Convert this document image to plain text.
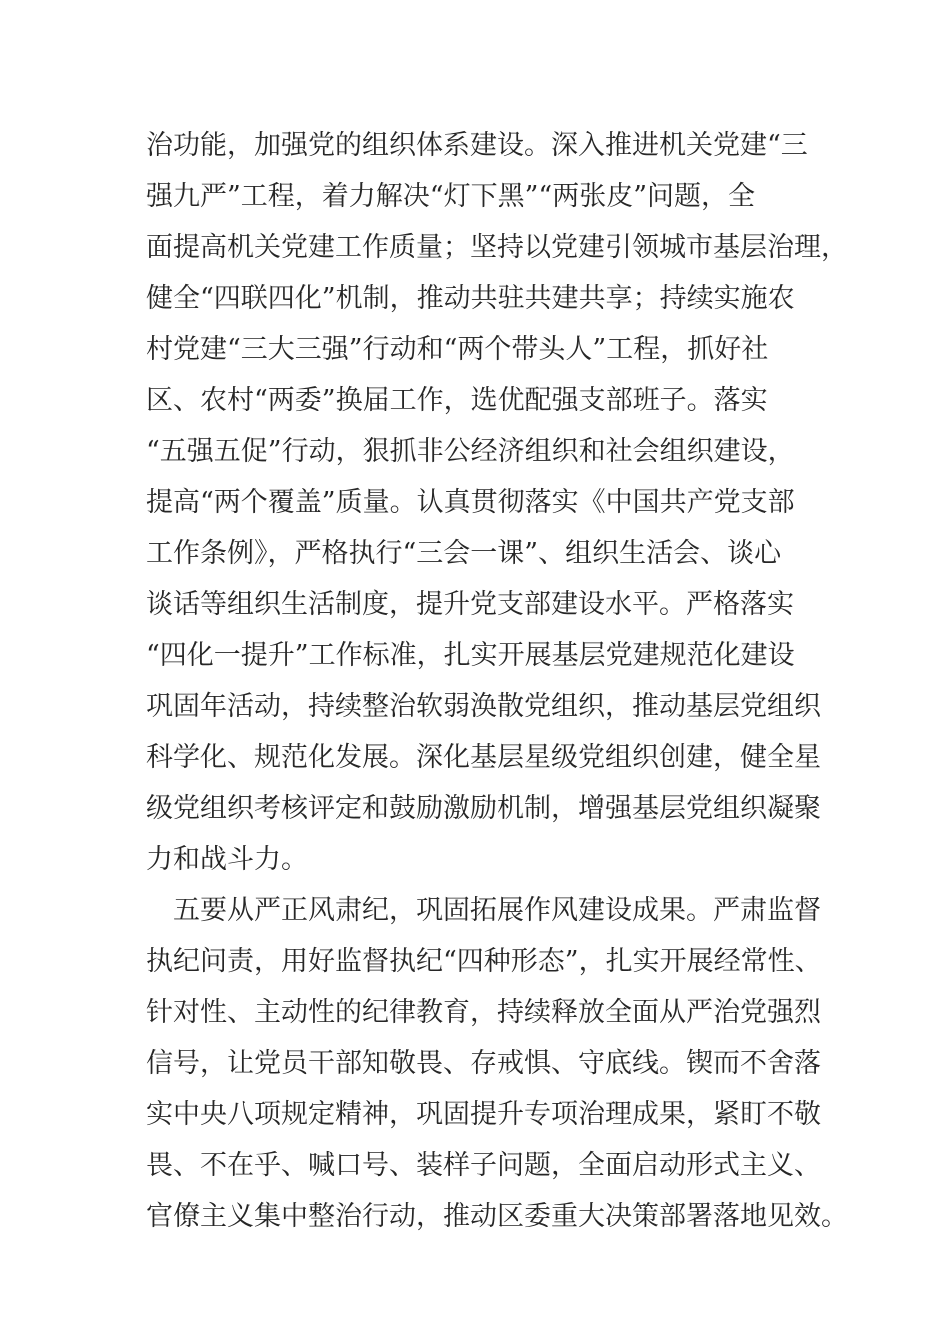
治功能，加强党的组织体系建设。深入推进机关党建“三
强九严”工程，着力解决“灯下黑”“两张皮”问题，全
面提高机关党建工作质量；坚持以党建引领城市基层治理，
健全“四联四化”机制，推动共驻共建共享；持续实施农
村党建“三大三强”行动和“两个带头人”工程，抓好社
区、农村“两委”换届工作，选优配强支部班子。落实
“五强五促”行动，狠抓非公经济组织和社会组织建设，
提高“两个覆盖”质量。认真贯彻落实《中国共产党支部
工作条例》，严格执行“三会一课”、组织生活会、谈心
谈话等组织生活制度，提升党支部建设水平。严格落实
“四化一提升”工作标准，扎实开展基层党建规范化建设
巩固年活动，持续整治软弱涣散党组织，推动基层党组织
科学化、规范化发展。深化基层星级党组织创建，健全星
级党组织考核评定和鼓励激励机制，增强基层党组织凝聚
力和战斗力。
五要从严正风肃纪，巩固拓展作风建设成果。严肃监督
执纪问责，用好监督执纪“四种形态”，扎实开展经常性、
针对性、主动性的纪律教育，持续释放全面从严治党强烈
信号，让党员干部知敬畏、存戒惧、守底线。锲而不舍落
实中央八项规定精神，巩固提升专项治理成果，紧盯不敬
畏、不在乎、喊口号、装样子问题，全面启动形式主义、
官僚主义集中整治行动，推动区委重大决策部署落地见效。
